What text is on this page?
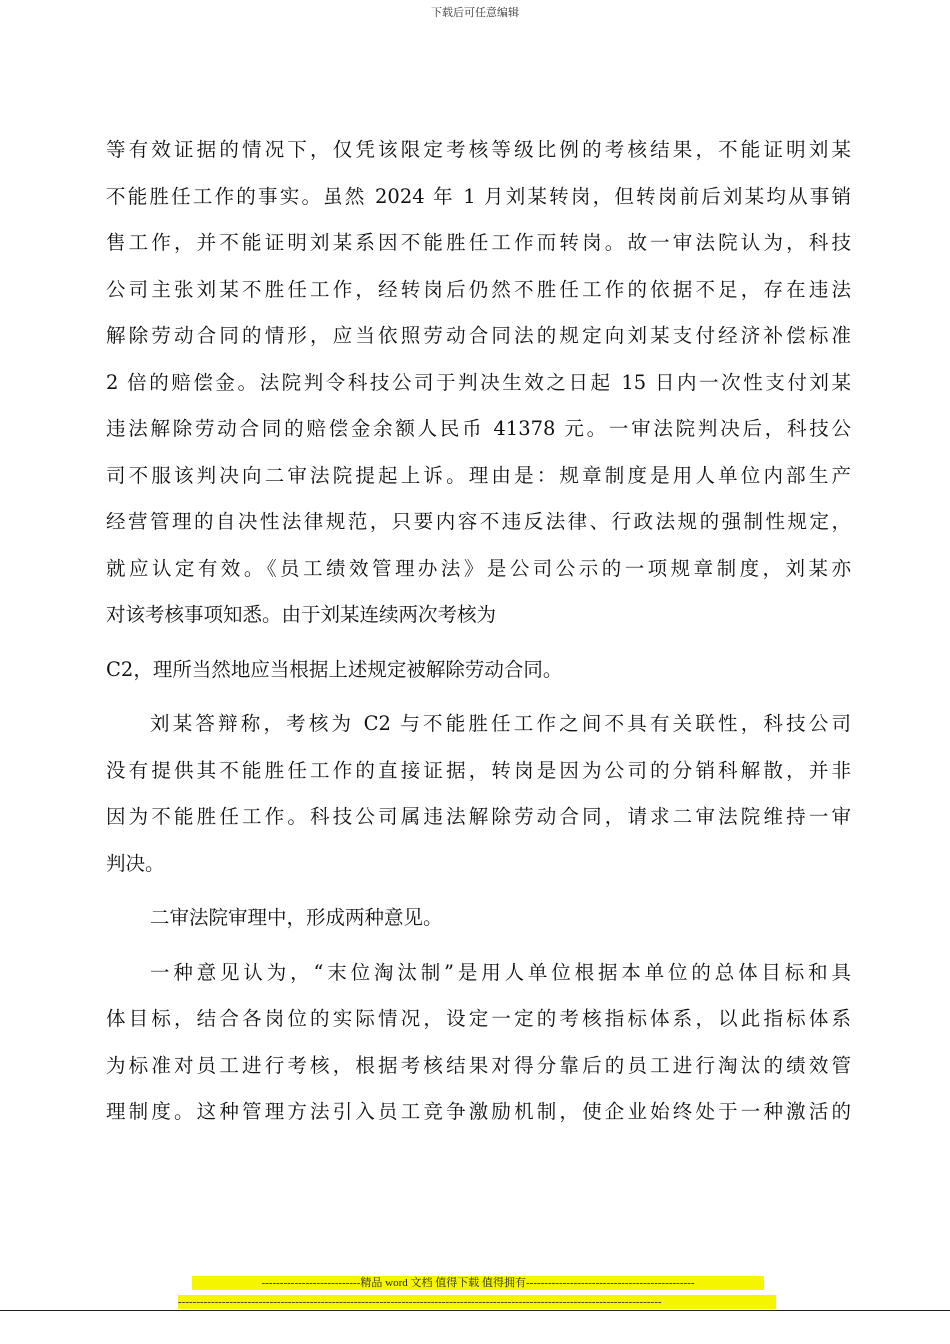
下载后可任意编辑
等有效证据的情况下，仅凭该限定考核等级比例的考核结果，不能证明刘某
不能胜任工作的事实。虽然 2024 年 1 月刘某转岗，但转岗前后刘某均从事销
售工作，并不能证明刘某系因不能胜任工作而转岗。故一审法院认为，科技
公司主张刘某不胜任工作，经转岗后仍然不胜任工作的依据不足，存在违法
解除劳动合同的情形，应当依照劳动合同法的规定向刘某支付经济补偿标准
2 倍的赔偿金。法院判令科技公司于判决生效之日起 15 日内一次性支付刘某
违法解除劳动合同的赔偿金余额人民币 41378 元。一审法院判决后，科技公
司不服该判决向二审法院提起上诉。理由是：规章制度是用人单位内部生产
经营管理的自决性法律规范，只要内容不违反法律、行政法规的强制性规定，
就应认定有效。《员工绩效管理办法》是公司公示的一项规章制度，刘某亦
对该考核事项知悉。由于刘某连续两次考核为
C2，理所当然地应当根据上述规定被解除劳动合同。
刘某答辩称，考核为 C2 与不能胜任工作之间不具有关联性，科技公司
没有提供其不能胜任工作的直接证据，转岗是因为公司的分销科解散，并非
因为不能胜任工作。科技公司属违法解除劳动合同，请求二审法院维持一审
判决。
二审法院审理中，形成两种意见。
一种意见认为，“末位淘汰制”是用人单位根据本单位的总体目标和具
体目标，结合各岗位的实际情况，设定一定的考核指标体系，以此指标体系
为标准对员工进行考核，根据考核结果对得分靠后的员工进行淘汰的绩效管
理制度。这种管理方法引入员工竞争激励机制，使企业始终处于一种激活的
---------------------------精品 word 文档 值得下载 值得拥有----------------------------------------------
------------------------------------------------------------------------------------------------------------------------------------
